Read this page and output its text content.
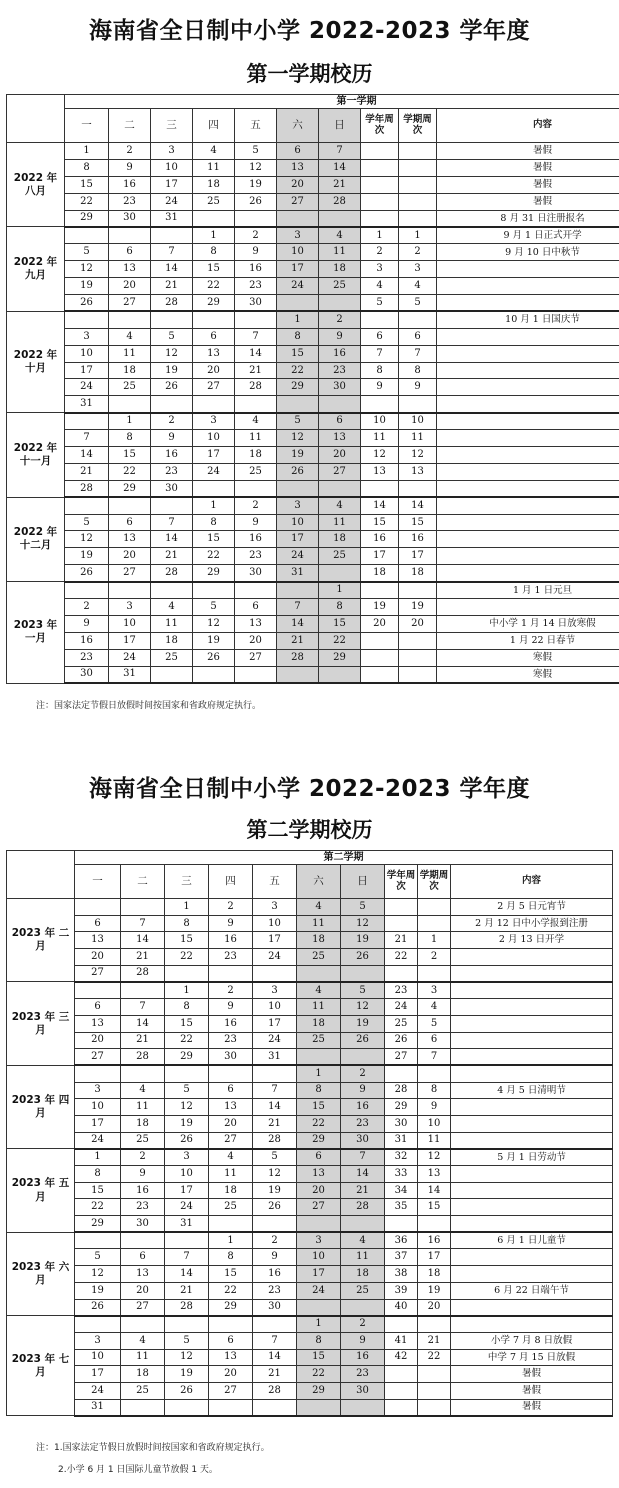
海南省全日制中小学 2022-2023 学年度
第一学期校历
	第一学期									
	一	二	三	四	五	六	日	学年周次	学期周次	内容
2022 年 八月	1	2	3	4	5	6	7			暑假
	8	9	10	11	12	13	14			暑假
	15	16	17	18	19	20	21			暑假
	22	23	24	25	26	27	28			暑假
	29	30	31							8 月 31 日注册报名
2022 年 九月				1	2	3	4	1	1	9 月 1 日正式开学
	5	6	7	8	9	10	11	2	2	9 月 10 日中秋节
	12	13	14	15	16	17	18	3	3	
	19	20	21	22	23	24	25	4	4	
	26	27	28	29	30			5	5	
2022 年 十月						1	2			10 月 1 日国庆节
	3	4	5	6	7	8	9	6	6	
	10	11	12	13	14	15	16	7	7	
	17	18	19	20	21	22	23	8	8	
	24	25	26	27	28	29	30	9	9	
	31									
2022 年 十一月		1	2	3	4	5	6	10	10	
	7	8	9	10	11	12	13	11	11	
	14	15	16	17	18	19	20	12	12	
	21	22	23	24	25	26	27	13	13	
	28	29	30							
2022 年 十二月				1	2	3	4	14	14	
	5	6	7	8	9	10	11	15	15	
	12	13	14	15	16	17	18	16	16	
	19	20	21	22	23	24	25	17	17	
	26	27	28	29	30	31		18	18	
2023 年 一月							1			1 月 1 日元旦
	2	3	4	5	6	7	8	19	19	
	9	10	11	12	13	14	15	20	20	中小学 1 月 14 日放寒假
	16	17	18	19	20	21	22			1 月 22 日春节
	23	24	25	26	27	28	29			寒假
	30	31								寒假
注：国家法定节假日放假时间按国家和省政府规定执行。
海南省全日制中小学 2022-2023 学年度
第二学期校历
	第二学期									
	一	二	三	四	五	六	日	学年周次	学期周次	内容
2023 年 二月			1	2	3	4	5			2 月 5 日元宵节
	6	7	8	9	10	11	12			2 月 12 日中小学报到注册
	13	14	15	16	17	18	19	21	1	2 月 13 日开学
	20	21	22	23	24	25	26	22	2	
	27	28								
2023 年 三月			1	2	3	4	5	23	3	
	6	7	8	9	10	11	12	24	4	
	13	14	15	16	17	18	19	25	5	
	20	21	22	23	24	25	26	26	6	
	27	28	29	30	31			27	7	
2023 年 四月						1	2			
	3	4	5	6	7	8	9	28	8	4 月 5 日清明节
	10	11	12	13	14	15	16	29	9	
	17	18	19	20	21	22	23	30	10	
	24	25	26	27	28	29	30	31	11	
2023 年 五月	1	2	3	4	5	6	7	32	12	5 月 1 日劳动节
	8	9	10	11	12	13	14	33	13	
	15	16	17	18	19	20	21	34	14	
	22	23	24	25	26	27	28	35	15	
	29	30	31							
2023 年 六月				1	2	3	4	36	16	6 月 1 日儿童节
	5	6	7	8	9	10	11	37	17	
	12	13	14	15	16	17	18	38	18	
	19	20	21	22	23	24	25	39	19	6 月 22 日端午节
	26	27	28	29	30			40	20	
2023 年 七月						1	2			
	3	4	5	6	7	8	9	41	21	小学 7 月 8 日放假
	10	11	12	13	14	15	16	42	22	中学 7 月 15 日放假
	17	18	19	20	21	22	23			暑假
	24	25	26	27	28	29	30			暑假
	31									暑假
注：1.国家法定节假日放假时间按国家和省政府规定执行。
2.小学 6 月 1 日国际儿童节放假 1 天。
